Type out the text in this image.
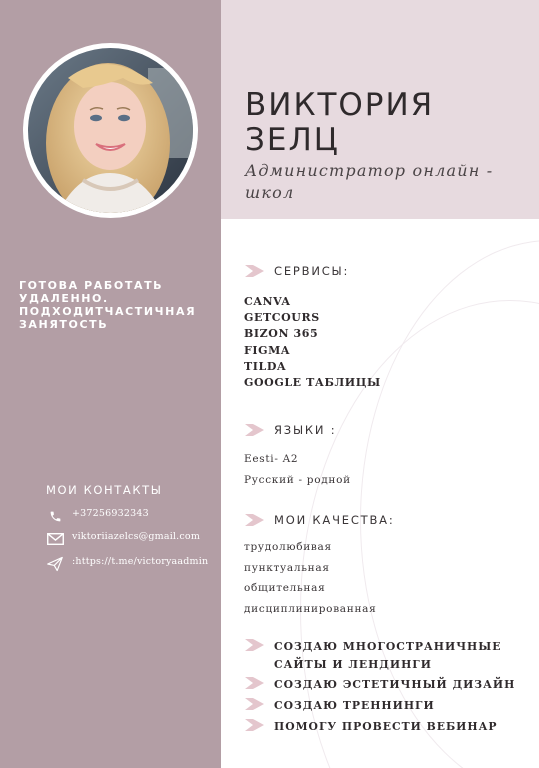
ВИКТОРИЯ
ЗЕЛЦ
Администратор онлайн - школ
ГОТОВА РАБОТАТЬ УДАЛЕННО. ПОДХОДИТЧАСТИЧНАЯ ЗАНЯТОСТЬ
МОИ КОНТАКТЫ
+37256932343
viktoriiazelcs@gmail.com
:https://t.me/victoryaadmin
СЕРВИСЫ:
CANVA
GETCOURS
BIZON 365
FIGMA
TILDA
GOOGLE ТАБЛИЦЫ
ЯЗЫКИ :
Eesti- A2
Русский - родной
МОИ КАЧЕСТВА:
трудолюбивая
пунктуальная
общительная
дисциплинированная
СОЗДАЮ МНОГОСТРАНИЧНЫЕ САЙТЫ И ЛЕНДИНГИ
СОЗДАЮ ЭСТЕТИЧНЫЙ ДИЗАЙН
СОЗДАЮ ТРЕННИНГИ
ПОМОГУ ПРОВЕСТИ ВЕБИНАР
